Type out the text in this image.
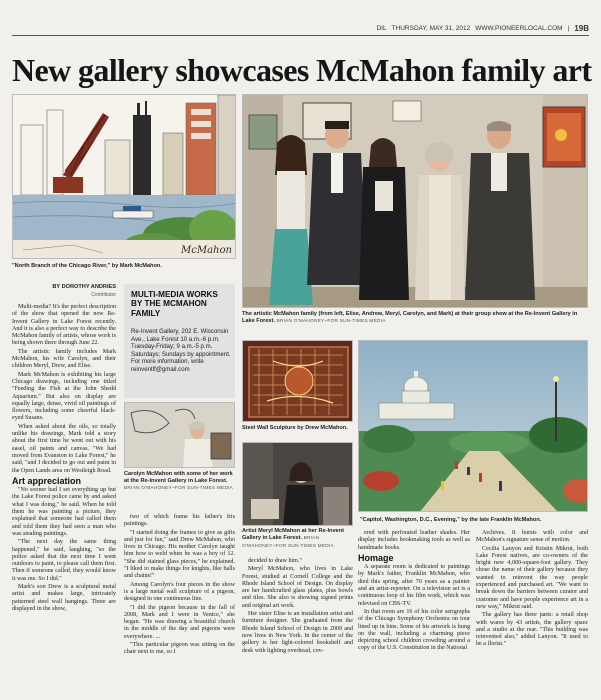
DIL THURSDAY, MAY 31, 2012 WWW.PIONEERLOCAL.COM | 19B
New gallery showcases McMahon family art
McMahon
"North Branch of the Chicago River," by Mark McMahon.
The artistic McMahon family (from left, Elise, Andrew, Meryl, Carolyn, and Mark) at their group show at the Re-Invent Gallery in Lake Forest. BRIAN O'MAHONEY~FOR SUN-TIMES MEDIA
BY DOROTHY ANDRIES
Contributor MULTI-MEDIA WORKS BY THE MCMAHON FAMILY
Re-Invent Gallery, 202 E. Wisconsin Ave., Lake Forest 10 a.m.-6 p.m. Tuesday-Friday; 9 a.m.-5 p.m. Saturdays; Sundays by appointment. For more information, write reinventlf@gmail.com
Carolyn McMahon with some of her work at the Re-Invent Gallery in Lake Forest. BRIAN O'MAHONEY~FOR SUN-TIMES MEDIA
Steel Wall Sculpture by Drew McMahon.
Artist Meryl McMahon at her Re-Invent Gallery in Lake Forest. BRIAN O'MAHONEY~FOR SUN-TIMES MEDIA
"Capitol, Washington, D.C., Evening," by the late Franklin McMahon.

Multi-media? It's the perfect description of the show that opened the new Re-Invent Gallery in Lake Forest recently. And it is also a perfect way to describe the McMahon family of artists, whose work is being shown there through June 22.

The artistic family includes Mark McMahon, his wife Carolyn, and their children Meryl, Drew, and Elise.

Mark McMahon is exhibiting his large Chicago drawings, including one titled "Feeding the Fish at the John Shedd Aquarium." But also on display are equally large, dense, vivid oil paintings of flowers, including some cheerful black-eyed Susans.

When asked about the oils, so totally unlike his drawings, Mark told a story about the first time he went out with his easel, oil paints and canvas. "We had moved from Evanston to Lake Forest," he said, "and I decided to go out and paint in the Open Lands area on Westleigh Road.

Art appreciation

"No sooner had I set everything up but the Lake Forest police came by and asked what I was doing," he said. When he told them he was painting a picture, they explained that someone had called them and told them they had seen a man who was stealing paintings.

"The next day the same thing happened," he said, laughing, "so the police asked that the next time I went outdoors to paint, to please call them first. Then if someone called, they would know it was me. So I did."

Mark's son Drew is a sculptural metal artist and makes large, intricately patterned steel wall hangings. Three are displayed in the show,

two of which frame his father's Iris paintings.

"I started doing the frames to give as gifts and just for fun," said Drew McMahon, who lives in Chicago. His mother Carolyn taught him how to weld when he was a boy of 12. "She did stained glass pieces," he explained. "I liked to make things for knights, like balls and chains!"

Among Carolyn's four pieces in the show is a large metal wall sculpture of a pigeon, designed in one continuous line.

"I did the pigeon because in the fall of 2008, Mark and I were in Venice," she began. "He was drawing a beautiful church in the middle of the day and pigeons were everywhere. ...

"This particular pigeon was sitting on the chair next to me, so I

decided to draw him."

Meryl McMahon, who lives in Lake Forest, studied at Cornell College and the Rhode Island School of Design. On display are her handcrafted glass plates, plus bowls and tiles. She also is showing signed prints and original art work.

Her sister Elise is an installation artist and furniture designer. She graduated from the Rhode Island School of Design in 2009 and now lives in New York. In the center of the gallery is her light-colored bookshelf and desk with lighting overhead, cov-

ered with perforated leather shades. Her display includes bookmaking tools as well as handmade books.

Homage

A separate room is dedicated to paintings by Mark's father, Franklin McMahon, who died this spring, after 70 years as a painter and an artist-reporter. On a television set is a continuous loop of his film work, which was televised on CBS-TV.

In that room are 16 of his color serigraphs of the Chicago Symphony Orchestra on tour lined up in bins. Some of his artwork is hung on the wall, including a charming piece depicting school children crowding around a copy of the U.S. Constitution in the National

Archives. It bursts with color and McMahon's signature sense of motion.

Cecilia Lanyon and Kristin Mikrut, both Lake Forest natives, are co-owners of the bright new 4,000-square-foot gallery. They chose the name of their gallery because they wanted to reinvent the way people experienced and purchased art. "We want to break down the barriers between curator and customer and have people experience art in a new way," Mikrut said.

The gallery has three parts: a retail shop with wares by 43 artists, the gallery space and a studio at the rear. "This building was reinvented also," added Lanyon. "It used to be a florist."
